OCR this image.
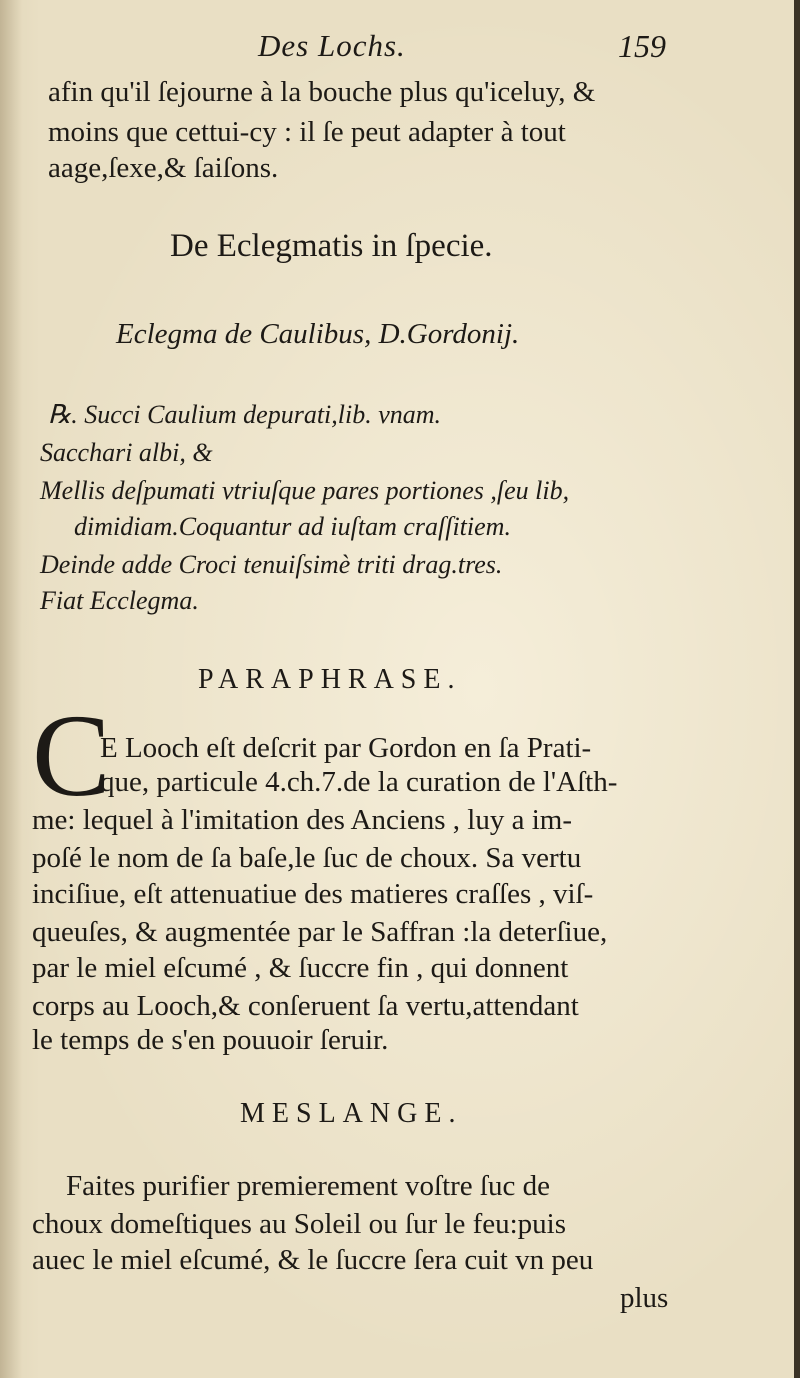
Des Lochs.	159
afin qu'il ſejourne à la bouche plus qu'iceluy, &
moins que cettui-cy : il ſe peut adapter à tout
aage,ſexe,& ſaiſons.
De Eclegmatis in ſpecie.
Eclegma de Caulibus, D.Gordonij.
℞. Succi Caulium depurati,lib. vnam.
Sacchari albi, &
Mellis deſpumati vtriuſque pares portiones ,ſeu lib,
dimidiam.Coquantur ad iuſtam craſſitiem.
Deinde adde Croci tenuiſsimè triti drag.tres.
Fiat Ecclegma.
PARAPHRASE.
C
E Looch eſt deſcrit par Gordon en ſa Prati-
que, particule 4.ch.7.de la curation de l'Aſth-
me: lequel à l'imitation des Anciens , luy a im-
poſé le nom de ſa baſe,le ſuc de choux. Sa vertu
inciſiue, eſt attenuatiue des matieres craſſes , viſ-
queuſes, & augmentée par le Saffran :la deterſiue,
par le miel eſcumé , & ſuccre fin , qui donnent
corps au Looch,& conſeruent ſa vertu,attendant
le temps de s'en pouuoir ſeruir.
MESLANGE.
Faites purifier premierement voſtre ſuc de
choux domeſtiques au Soleil ou ſur le feu:puis
auec le miel eſcumé, & le ſuccre ſera cuit vn peu
plus
